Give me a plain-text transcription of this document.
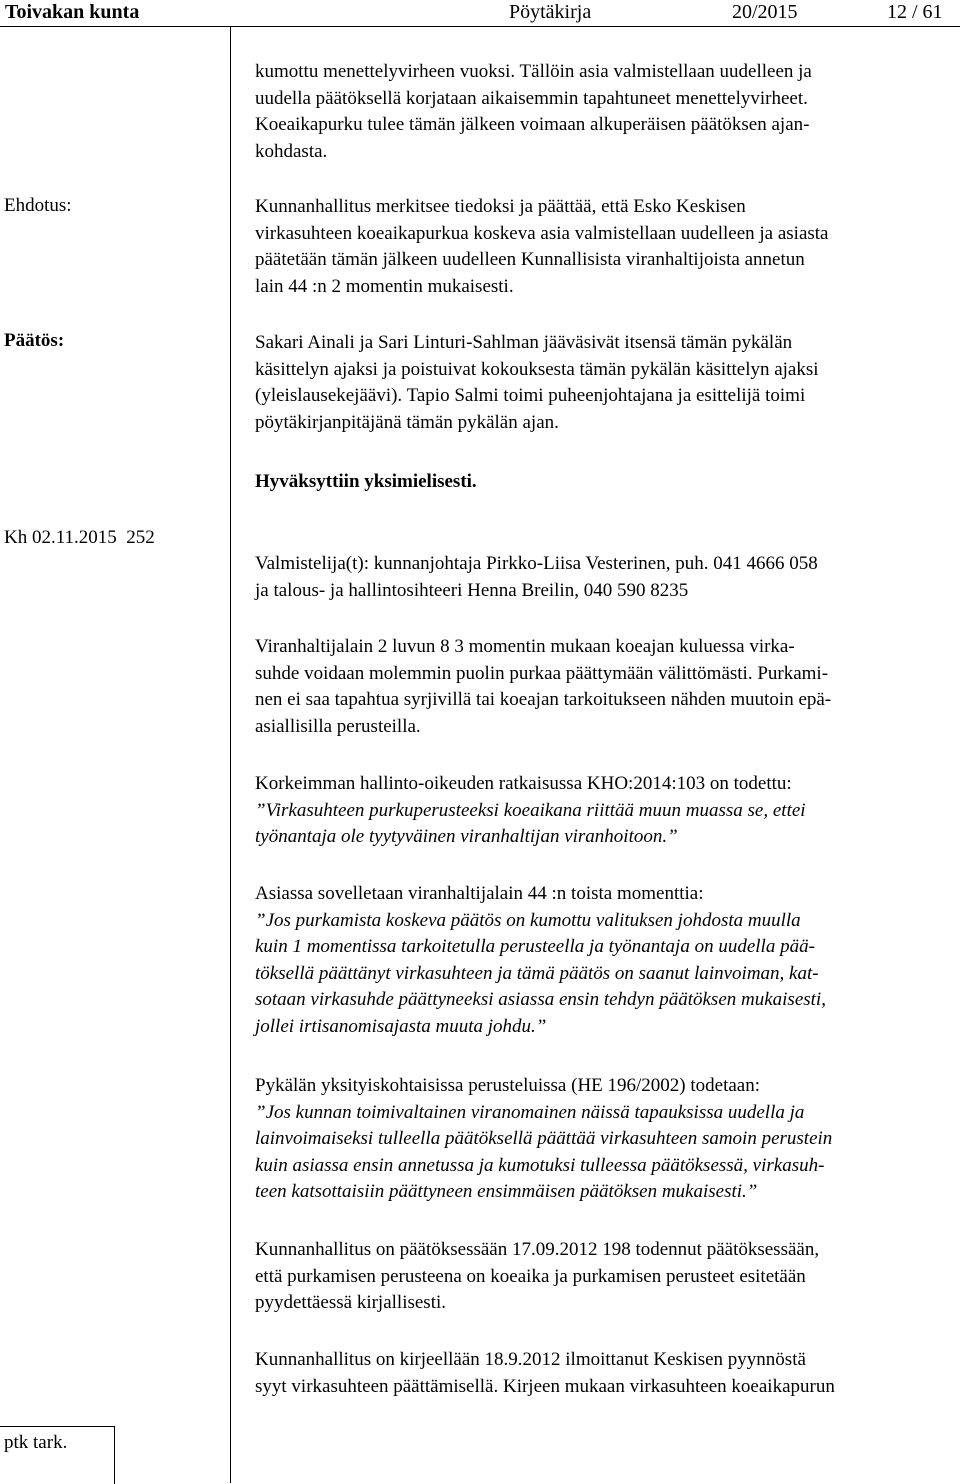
Toivakan kunta	Pöytäkirja	20/2015	12 / 61
Ehdotus:
Päätös:
Kh 02.11.2015  252
kumottu menettelyvirheen vuoksi. Tällöin asia valmistellaan uudelleen ja
uudella päätöksellä korjataan aikaisemmin tapahtuneet menettelyvirheet.
Koeaikapurku tulee tämän jälkeen voimaan alkuperäisen päätöksen ajan-
kohdasta.
Kunnanhallitus merkitsee tiedoksi ja päättää, että Esko Keskisen
virkasuhteen koeaikapurkua koskeva asia valmistellaan uudelleen ja asiasta
päätetään tämän jälkeen uudelleen Kunnallisista viranhaltijoista annetun
lain 44 :n 2 momentin mukaisesti.
Sakari Ainali ja Sari Linturi-Sahlman jääväsivät itsensä tämän pykälän
käsittelyn ajaksi ja poistuivat kokouksesta tämän pykälän käsittelyn ajaksi
(yleislausekejäävi). Tapio Salmi toimi puheenjohtajana ja esittelijä toimi
pöytäkirjanpitäjänä tämän pykälän ajan.
Hyväksyttiin yksimielisesti.
Valmistelija(t): kunnanjohtaja Pirkko-Liisa Vesterinen, puh. 041 4666 058
ja talous- ja hallintosihteeri Henna Breilin, 040 590 8235
Viranhaltijalain 2 luvun 8 3 momentin mukaan koeajan kuluessa virka-
suhde voidaan molemmin puolin purkaa päättymään välittömästi. Purkami-
nen ei saa tapahtua syrjivillä tai koeajan tarkoitukseen nähden muutoin epä-
asiallisilla perusteilla.
Korkeimman hallinto-oikeuden ratkaisussa KHO:2014:103 on todettu:
”Virkasuhteen purkuperusteeksi koeaikana riittää muun muassa se, ettei
työnantaja ole tyytyväinen viranhaltijan viranhoitoon.”
Asiassa sovelletaan viranhaltijalain 44 :n toista momenttia:
”Jos purkamista koskeva päätös on kumottu valituksen johdosta muulla
kuin 1 momentissa tarkoitetulla perusteella ja työnantaja on uudella pää-
töksellä päättänyt virkasuhteen ja tämä päätös on saanut lainvoiman, kat-
sotaan virkasuhde päättyneeksi asiassa ensin tehdyn päätöksen mukaisesti,
jollei irtisanomisajasta muuta johdu.”
Pykälän yksityiskohtaisissa perusteluissa (HE 196/2002) todetaan:
”Jos kunnan toimivaltainen viranomainen näissä tapauksissa uudella ja
lainvoimaiseksi tulleella päätöksellä päättää virkasuhteen samoin perustein
kuin asiassa ensin annetussa ja kumotuksi tulleessa päätöksessä, virkasuh-
teen katsottaisiin päättyneen ensimmäisen päätöksen mukaisesti.”
Kunnanhallitus on päätöksessään 17.09.2012 198 todennut päätöksessään,
että purkamisen perusteena on koeaika ja purkamisen perusteet esitetään
pyydettäessä kirjallisesti.
Kunnanhallitus on kirjeellään 18.9.2012 ilmoittanut Keskisen pyynnöstä
syyt virkasuhteen päättämisellä. Kirjeen mukaan virkasuhteen koeaikapurun
ptk tark.
